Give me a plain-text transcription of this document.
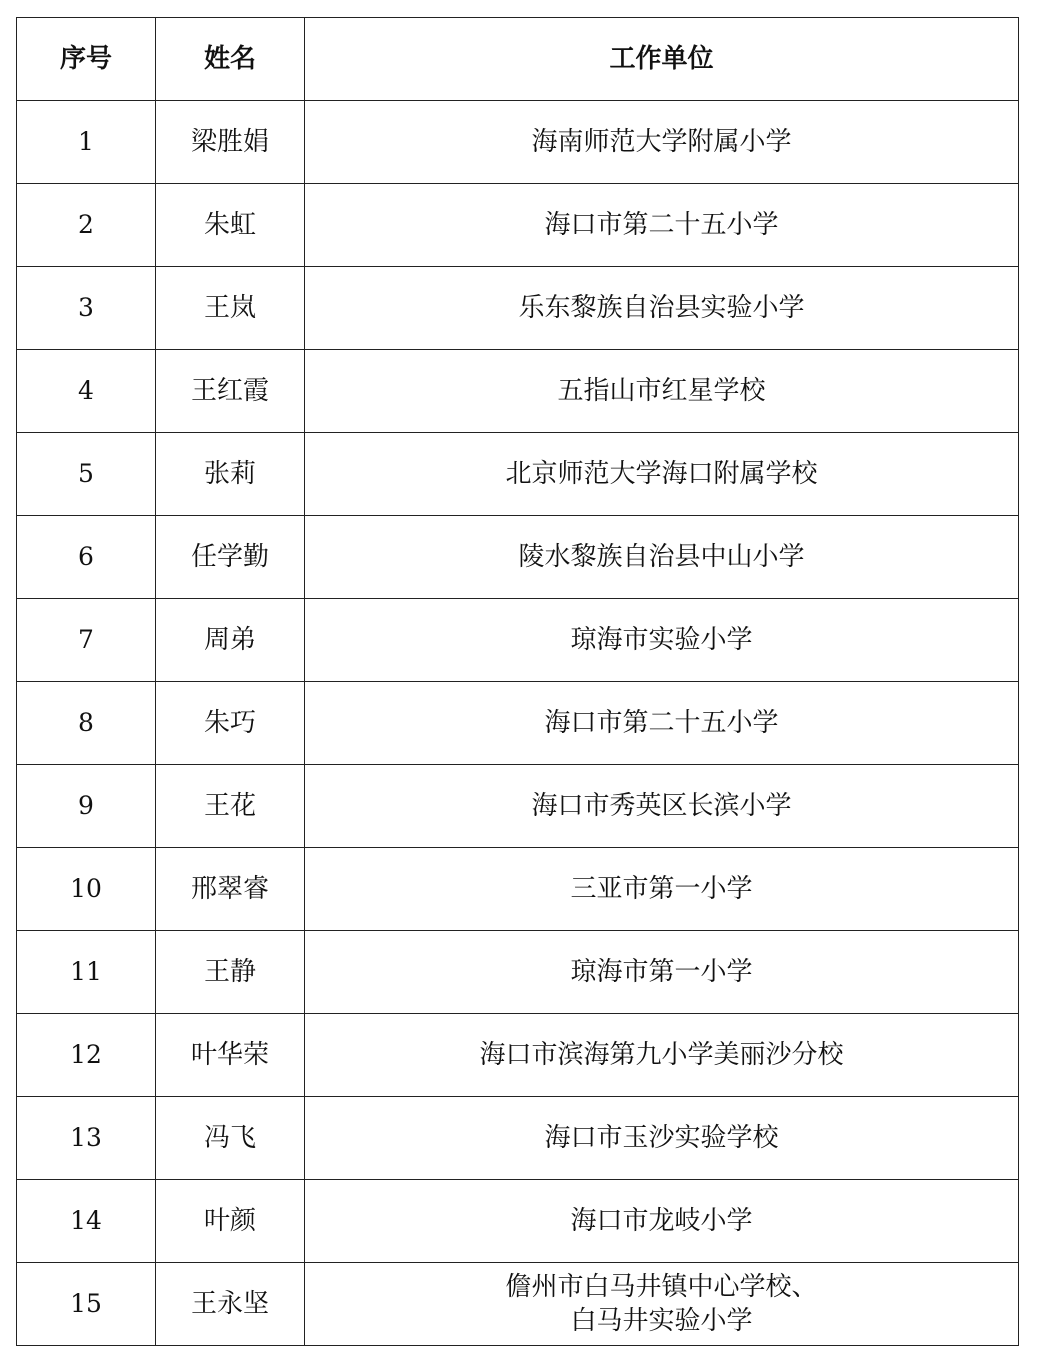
序号	姓名	工作单位
1	梁胜娟	海南师范大学附属小学

2	朱虹	海口市第二十五小学

3	王岚	乐东黎族自治县实验小学

4	王红霞	五指山市红星学校

5	张莉	北京师范大学海口附属学校

6	任学勤	陵水黎族自治县中山小学

7	周弟	琼海市实验小学

8	朱巧	海口市第二十五小学

9	王花	海口市秀英区长滨小学

10	邢翠睿	三亚市第一小学

11	王静	琼海市第一小学

12	叶华荣	海口市滨海第九小学美丽沙分校

13	冯飞	海口市玉沙实验学校

14	叶颜	海口市龙岐小学

15	王永坚	儋州市白马井镇中心学校、
白马井实验小学
